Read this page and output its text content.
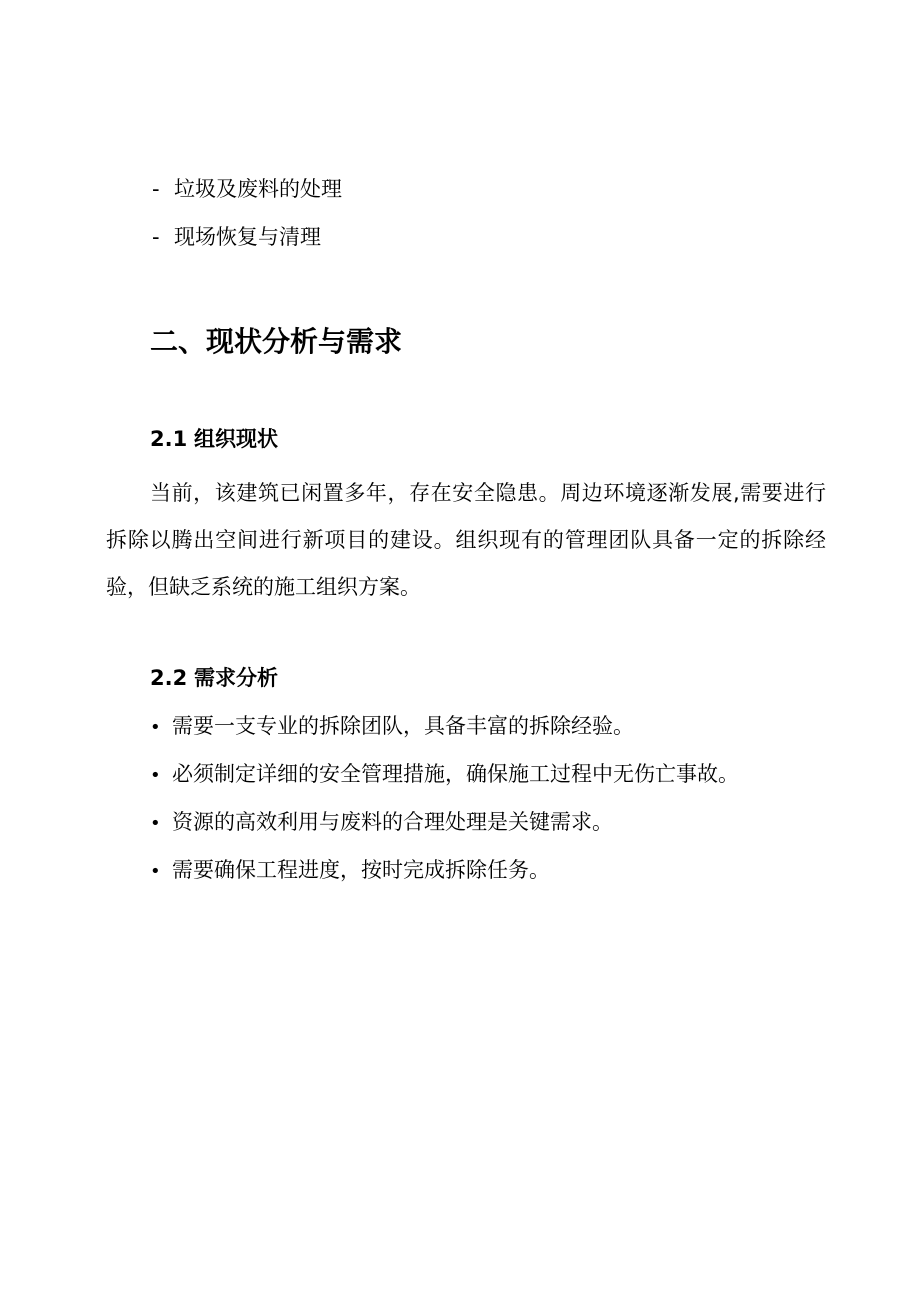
- 垃圾及废料的处理
- 现场恢复与清理
二、现状分析与需求
2.1 组织现状
当前，该建筑已闲置多年，存在安全隐患。周边环境逐渐发展,需要进行拆除以腾出空间进行新项目的建设。组织现有的管理团队具备一定的拆除经验，但缺乏系统的施工组织方案。
2.2 需求分析
• 需要一支专业的拆除团队，具备丰富的拆除经验。
• 必须制定详细的安全管理措施，确保施工过程中无伤亡事故。
• 资源的高效利用与废料的合理处理是关键需求。
• 需要确保工程进度，按时完成拆除任务。
